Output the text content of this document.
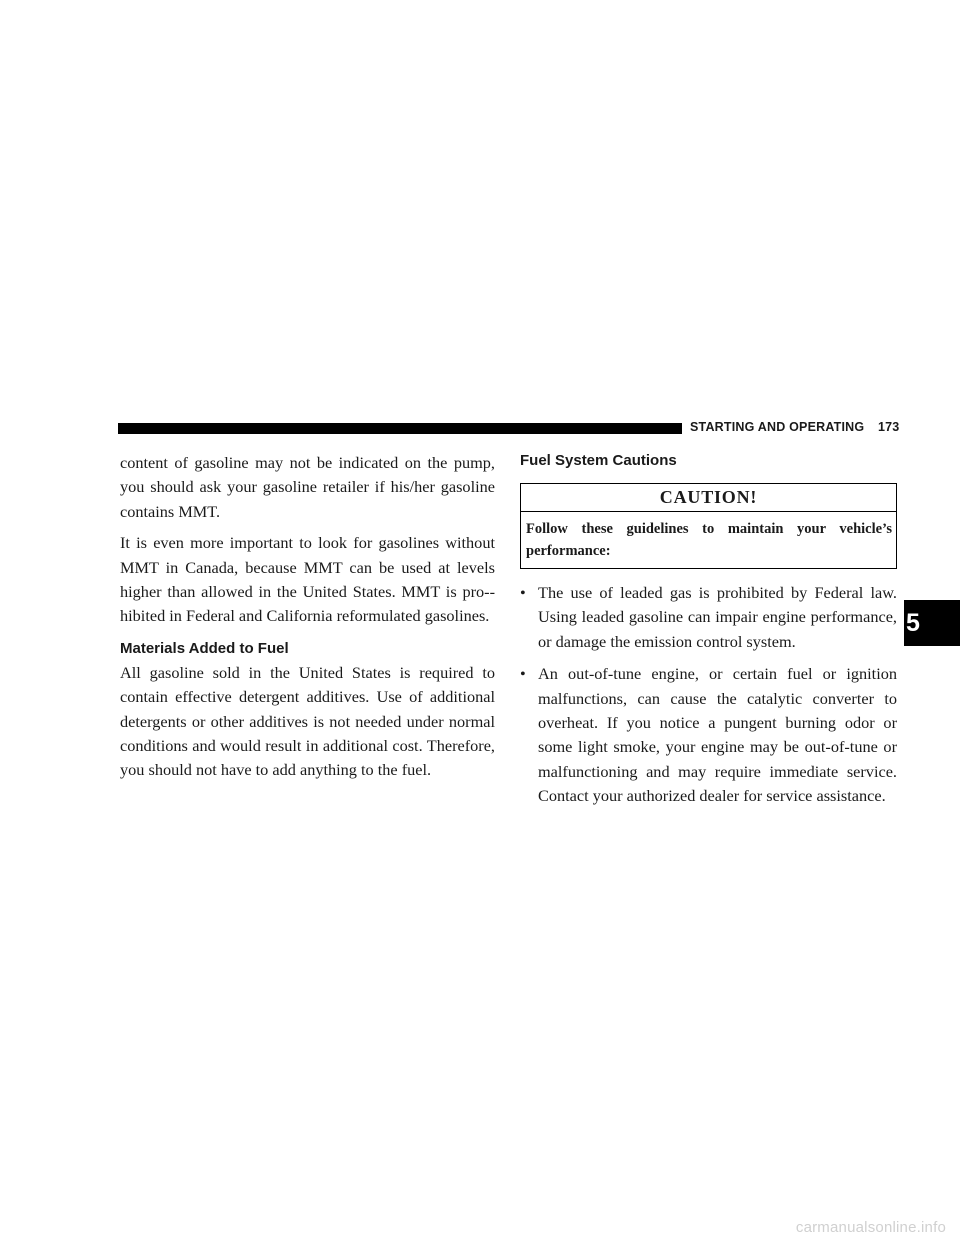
STARTING AND OPERATING 173

content of gasoline may not be indicated on the pump, you should ask your gasoline retailer if his/her gasoline contains MMT.

It is even more important to look for gasolines without MMT in Canada, because MMT can be used at levels higher than allowed in the United States. MMT is pro-hibited in Federal and California reformulated gasolines.

Materials Added to Fuel

All gasoline sold in the United States is required to contain effective detergent additives. Use of additional detergents or other additives is not needed under normal conditions and would result in additional cost. Therefore, you should not have to add anything to the fuel.

Fuel System Cautions
CAUTION!
Follow these guidelines to maintain your vehicle’s performance:
• The use of leaded gas is prohibited by Federal law. Using leaded gasoline can impair engine performance, or damage the emission control system.
• An out-of-tune engine, or certain fuel or ignition malfunctions, can cause the catalytic converter to overheat. If you notice a pungent burning odor or some light smoke, your engine may be out-of-tune or malfunctioning and may require immediate service. Contact your authorized dealer for service assistance.
5
carmanualsonline.info
